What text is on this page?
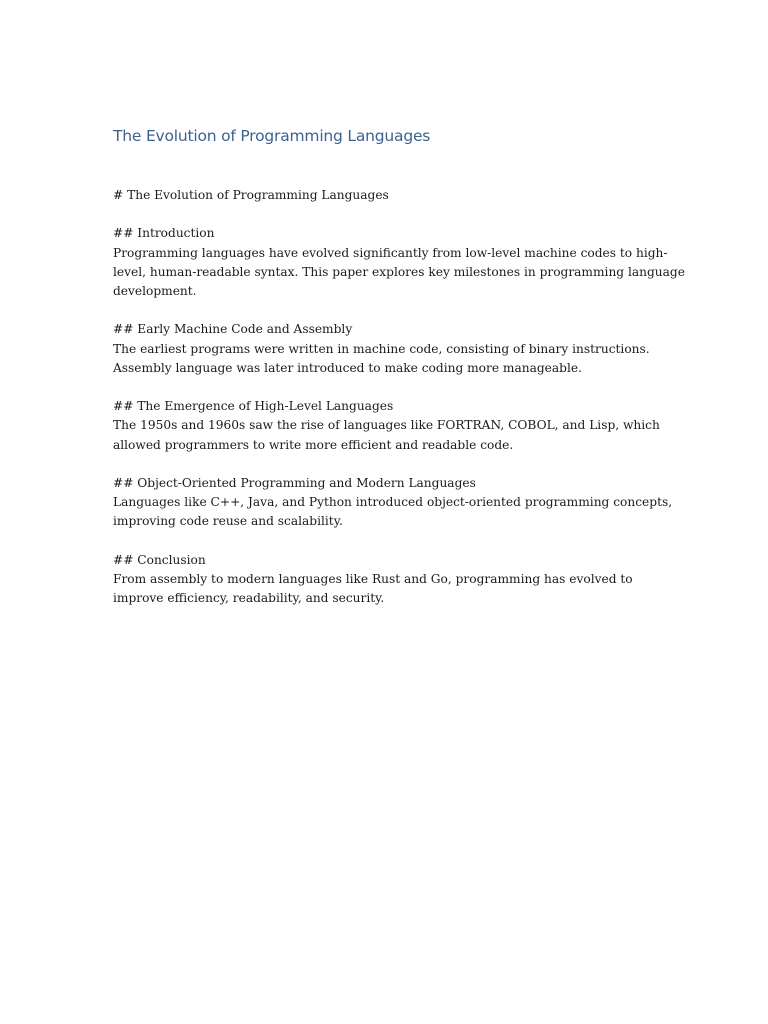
The Evolution of Programming Languages
# The Evolution of Programming Languages
## Introduction
Programming languages have evolved significantly from low-level machine codes to high-
level, human-readable syntax. This paper explores key milestones in programming language
development.
## Early Machine Code and Assembly
The earliest programs were written in machine code, consisting of binary instructions.
Assembly language was later introduced to make coding more manageable.
## The Emergence of High-Level Languages
The 1950s and 1960s saw the rise of languages like FORTRAN, COBOL, and Lisp, which
allowed programmers to write more efficient and readable code.
## Object-Oriented Programming and Modern Languages
Languages like C++, Java, and Python introduced object-oriented programming concepts,
improving code reuse and scalability.
## Conclusion
From assembly to modern languages like Rust and Go, programming has evolved to
improve efficiency, readability, and security.
